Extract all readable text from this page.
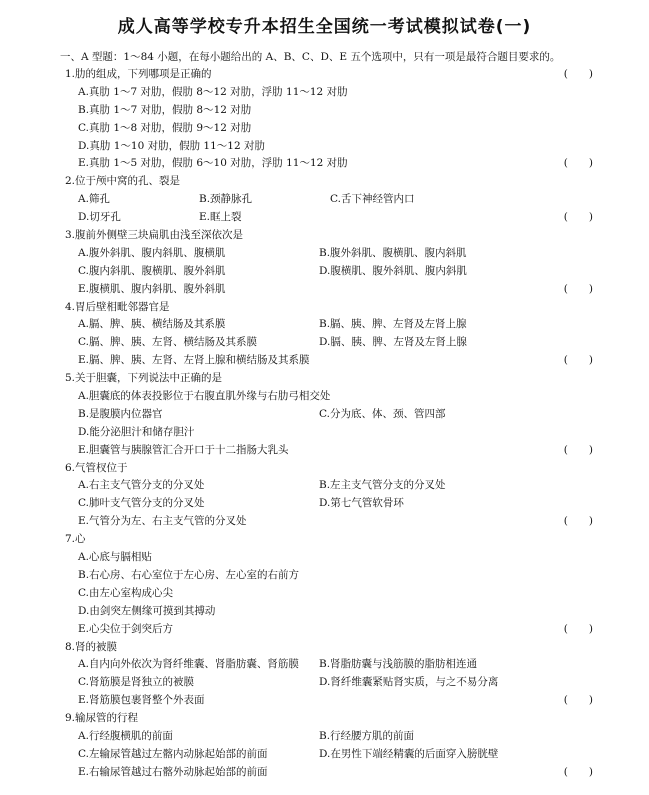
成人高等学校专升本招生全国统一考试模拟试卷(一)
一、A 型题：1～84 小题，在每小题给出的 A、B、C、D、E 五个选项中，只有一项是最符合题目要求的。
1.肋的组成，下列哪项是正确的	(　　)
A.真肋 1～7 对肋，假肋 8～12 对肋，浮肋 11～12 对肋
B.真肋 1～7 对肋，假肋 8～12 对肋
C.真肋 1～8 对肋，假肋 9～12 对肋
D.真肋 1～10 对肋，假肋 11～12 对肋
E.真肋 1～5 对肋，假肋 6～10 对肋，浮肋 11～12 对肋	(　　)
2.位于颅中窝的孔、裂是
A.筛孔	B.颈静脉孔	C.舌下神经管内口
D.切牙孔	E.眶上裂	(　　)
3.腹前外侧壁三块扁肌由浅至深依次是
A.腹外斜肌、腹内斜肌、腹横肌	B.腹外斜肌、腹横肌、腹内斜肌
C.腹内斜肌、腹横肌、腹外斜肌	D.腹横肌、腹外斜肌、腹内斜肌
E.腹横肌、腹内斜肌、腹外斜肌	(　　)
4.胃后壁相毗邻器官是
A.膈、脾、胰、横结肠及其系膜	B.膈、胰、脾、左肾及左肾上腺
C.膈、脾、胰、左肾、横结肠及其系膜	D.膈、胰、脾、左肾及左肾上腺
E.膈、脾、胰、左肾、左肾上腺和横结肠及其系膜	(　　)
5.关于胆囊，下列说法中正确的是
A.胆囊底的体表投影位于右腹直肌外缘与右肋弓相交处
B.是腹膜内位器官	C.分为底、体、颈、管四部
D.能分泌胆汁和储存胆汁
E.胆囊管与胰腺管汇合开口于十二指肠大乳头	(　　)
6.气管杈位于
A.右主支气管分支的分叉处	B.左主支气管分支的分叉处
C.肺叶支气管分支的分叉处	D.第七气管软骨环
E.气管分为左、右主支气管的分叉处	(　　)
7.心
A.心底与膈相贴
B.右心房、右心室位于左心房、左心室的右前方
C.由左心室构成心尖
D.由剑突左侧缘可摸到其搏动
E.心尖位于剑突后方	(　　)
8.肾的被膜
A.自内向外依次为肾纤维囊、肾脂肪囊、肾筋膜	B.肾脂肪囊与浅筋膜的脂肪相连通
C.肾筋膜是肾独立的被膜	D.肾纤维囊紧贴肾实质，与之不易分离
E.肾筋膜包裹肾整个外表面	(　　)
9.输尿管的行程
A.行经腹横肌的前面	B.行经腰方肌的前面
C.左输尿管越过左髂内动脉起始部的前面	D.在男性下端经精囊的后面穿入膀胱壁
E.右输尿管越过右髂外动脉起始部的前面	(　　)
